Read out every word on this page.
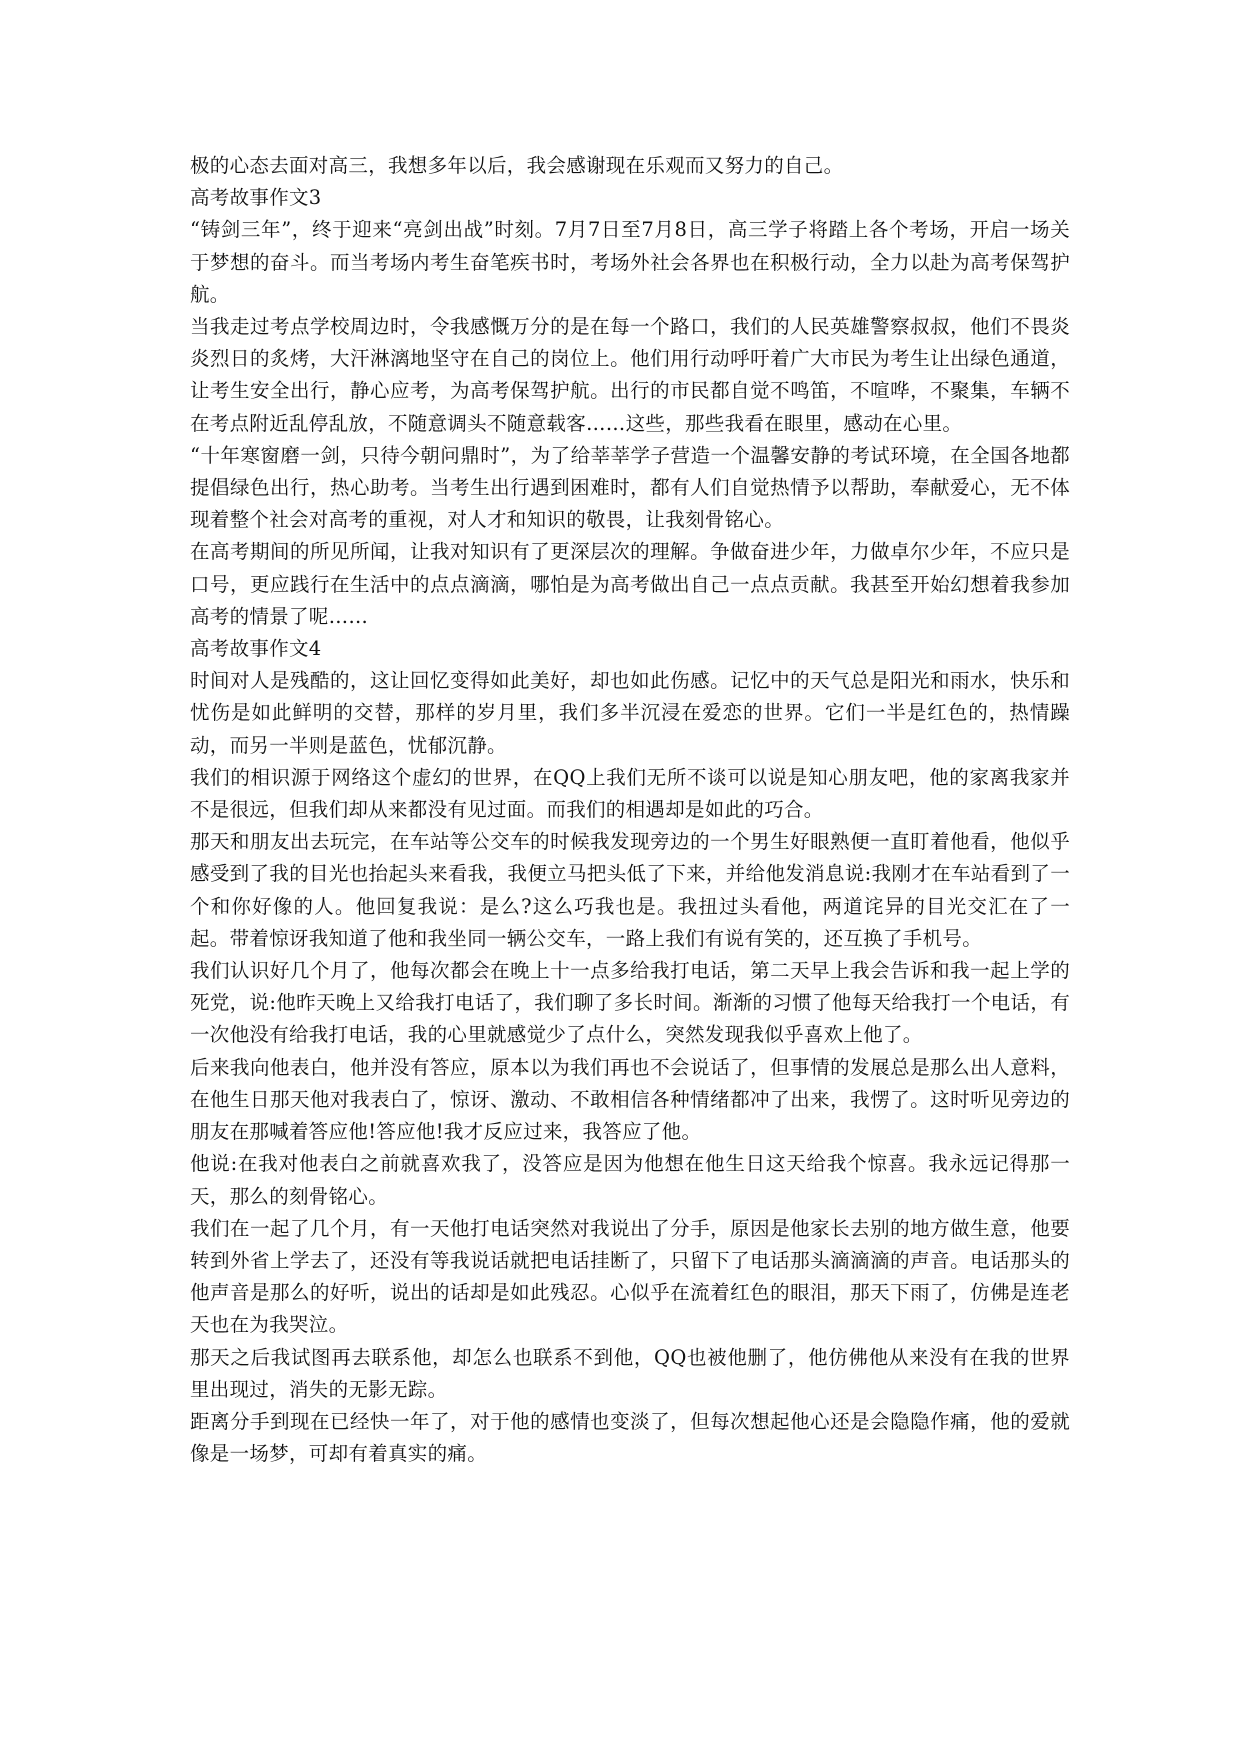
极的心态去面对高三，我想多年以后，我会感谢现在乐观而又努力的自己。

高考故事作文3

“铸剑三年”，终于迎来“亮剑出战”时刻。7月7日至7月8日，高三学子将踏上各个考场，开启一场关于梦想的奋斗。而当考场内考生奋笔疾书时，考场外社会各界也在积极行动，全力以赴为高考保驾护航。

当我走过考点学校周边时，令我感慨万分的是在每一个路口，我们的人民英雄警察叔叔，他们不畏炎炎烈日的炙烤，大汗淋漓地坚守在自己的岗位上。他们用行动呼吁着广大市民为考生让出绿色通道，让考生安全出行，静心应考，为高考保驾护航。出行的市民都自觉不鸣笛，不喧哗，不聚集，车辆不在考点附近乱停乱放，不随意调头不随意载客……这些，那些我看在眼里，感动在心里。

“十年寒窗磨一剑，只待今朝问鼎时”，为了给莘莘学子营造一个温馨安静的考试环境，在全国各地都提倡绿色出行，热心助考。当考生出行遇到困难时，都有人们自觉热情予以帮助，奉献爱心，无不体现着整个社会对高考的重视，对人才和知识的敬畏，让我刻骨铭心。

在高考期间的所见所闻，让我对知识有了更深层次的理解。争做奋进少年，力做卓尔少年，不应只是口号，更应践行在生活中的点点滴滴，哪怕是为高考做出自己一点点贡献。我甚至开始幻想着我参加高考的情景了呢……

高考故事作文4

时间对人是残酷的，这让回忆变得如此美好，却也如此伤感。记忆中的天气总是阳光和雨水，快乐和忧伤是如此鲜明的交替，那样的岁月里，我们多半沉浸在爱恋的世界。它们一半是红色的，热情躁动，而另一半则是蓝色，忧郁沉静。

我们的相识源于网络这个虚幻的世界，在QQ上我们无所不谈可以说是知心朋友吧，他的家离我家并不是很远，但我们却从来都没有见过面。而我们的相遇却是如此的巧合。

那天和朋友出去玩完，在车站等公交车的时候我发现旁边的一个男生好眼熟便一直盯着他看，他似乎感受到了我的目光也抬起头来看我，我便立马把头低了下来，并给他发消息说:我刚才在车站看到了一个和你好像的人。他回复我说：是么?这么巧我也是。我扭过头看他，两道诧异的目光交汇在了一起。带着惊讶我知道了他和我坐同一辆公交车，一路上我们有说有笑的，还互换了手机号。

我们认识好几个月了，他每次都会在晚上十一点多给我打电话，第二天早上我会告诉和我一起上学的死党，说:他昨天晚上又给我打电话了，我们聊了多长时间。渐渐的习惯了他每天给我打一个电话，有一次他没有给我打电话，我的心里就感觉少了点什么，突然发现我似乎喜欢上他了。

后来我向他表白，他并没有答应，原本以为我们再也不会说话了，但事情的发展总是那么出人意料，在他生日那天他对我表白了，惊讶、激动、不敢相信各种情绪都冲了出来，我愣了。这时听见旁边的朋友在那喊着答应他!答应他!我才反应过来，我答应了他。

他说:在我对他表白之前就喜欢我了，没答应是因为他想在他生日这天给我个惊喜。我永远记得那一天，那么的刻骨铭心。

我们在一起了几个月，有一天他打电话突然对我说出了分手，原因是他家长去别的地方做生意，他要转到外省上学去了，还没有等我说话就把电话挂断了，只留下了电话那头滴滴滴的声音。电话那头的他声音是那么的好听，说出的话却是如此残忍。心似乎在流着红色的眼泪，那天下雨了，仿佛是连老天也在为我哭泣。

那天之后我试图再去联系他，却怎么也联系不到他，QQ也被他删了，他仿佛他从来没有在我的世界里出现过，消失的无影无踪。

距离分手到现在已经快一年了，对于他的感情也变淡了，但每次想起他心还是会隐隐作痛，他的爱就像是一场梦，可却有着真实的痛。
